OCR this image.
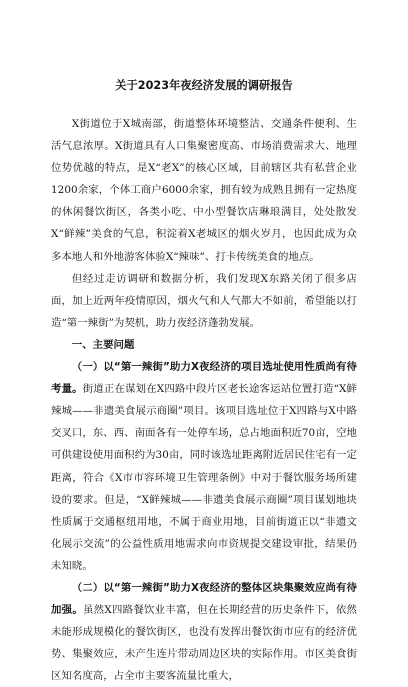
关于2023年夜经济发展的调研报告

X街道位于X城南部，街道整体环境整洁、交通条件便利、生活气息浓厚。X街道具有人口集聚密度高、市场消费需求大、地理位势优越的特点，是X“老X”的核心区域，目前辖区共有私营企业1200余家，个体工商户6000余家，拥有较为成熟且拥有一定热度的休闲餐饮街区，各类小吃、中小型餐饮店琳琅满目，处处散发X“鲜辣”美食的气息，积淀着X老城区的烟火岁月，也因此成为众多本地人和外地游客体验X“辣味”、打卡传统美食的地点。

但经过走访调研和数据分析，我们发现X东路关闭了很多店面，加上近两年疫情原因，烟火气和人气都大不如前，希望能以打造“第一辣街”为契机，助力夜经济蓬勃发展。

一、主要问题

（一）以“第一辣街”助力X夜经济的项目选址使用性质尚有待考量。街道正在谋划在X四路中段片区老长途客运站位置打造“X鲜辣城——非遗美食展示商圈”项目。该项目选址位于X四路与X中路交叉口，东、西、南面各有一处停车场，总占地面积近70亩，空地可供建设使用面积约为30亩，同时该选址距离附近居民住宅有一定距离，符合《X市市容环境卫生管理条例》中对于餐饮服务场所建设的要求。但是，“X鲜辣城——非遗美食展示商圈”项目谋划地块性质属于交通枢纽用地，不属于商业用地，目前街道正以“非遗文化展示交流”的公益性质用地需求向市资规提交建设审批，结果仍未知晓。

（二）以“第一辣街”助力X夜经济的整体区块集聚效应尚有待加强。虽然X四路餐饮业丰富，但在长期经营的历史条件下，依然未能形成规模化的餐饮街区，也没有发挥出餐饮街市应有的经济优势、集聚效应，未产生连片带动周边区块的实际作用。市区美食街区知名度高，占全市主要客流量比重大，
